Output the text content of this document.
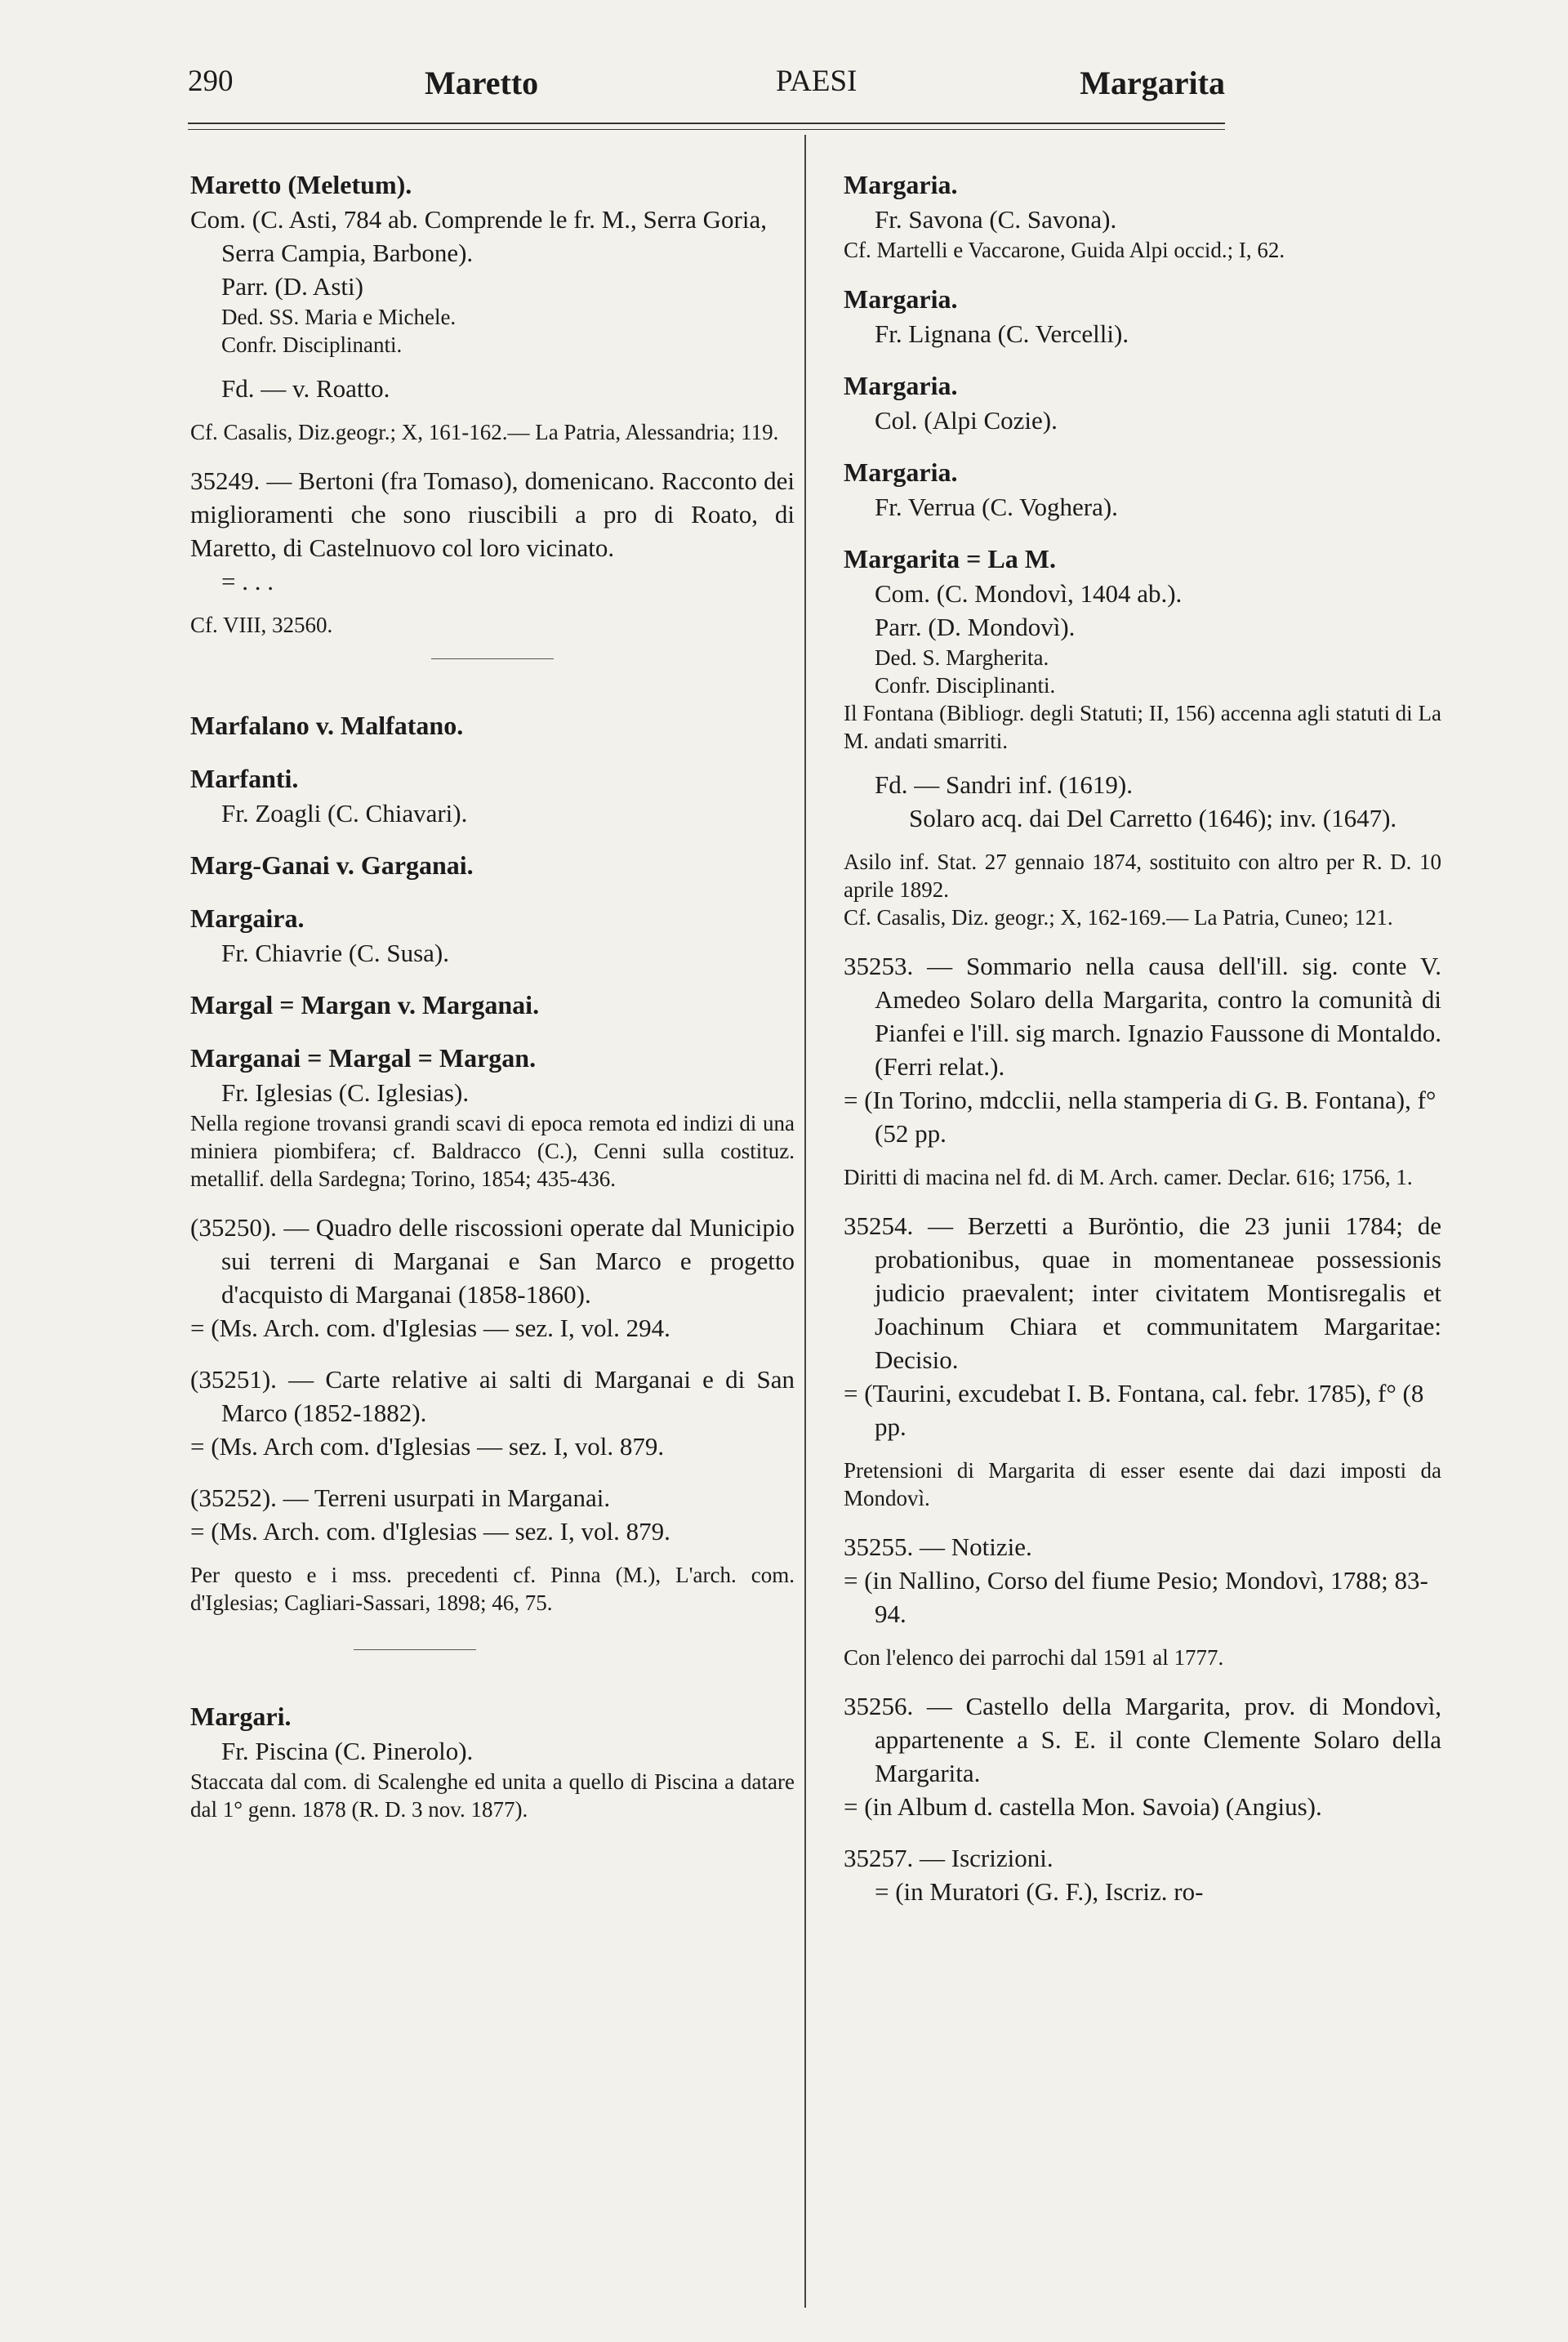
290	Maretto	PAESI	Margarita

Maretto (Meletum).

Com. (C. Asti, 784 ab. Comprende le fr. M., Serra Goria, Serra Campia, Barbone).

Parr. (D. Asti)

Ded. SS. Maria e Michele.

Confr. Disciplinanti.

Fd. — v. Roatto.

Cf. Casalis, Diz.geogr.; X, 161-162.— La Patria, Alessandria; 119.

35249. — Bertoni (fra Tomaso), domenicano. Racconto dei miglioramenti che sono riuscibili a pro di Roato, di Maretto, di Castelnuovo col loro vicinato.

= . . .

Cf. VIII, 32560.

Marfalano v. Malfatano.

Marfanti.

Fr. Zoagli (C. Chiavari).

Marg-Ganai v. Garganai.

Margaira.

Fr. Chiavrie (C. Susa).

Margal = Margan v. Marganai.

Marganai = Margal = Margan.

Fr. Iglesias (C. Iglesias).

Nella regione trovansi grandi scavi di epoca remota ed indizi di una miniera piombifera; cf. Baldracco (C.), Cenni sulla costituz. metallif. della Sardegna; Torino, 1854; 435-436.

(35250). — Quadro delle riscossioni operate dal Municipio sui terreni di Marganai e San Marco e progetto d'acquisto di Marganai (1858-1860).

= (Ms. Arch. com. d'Iglesias — sez. I, vol. 294.

(35251). — Carte relative ai salti di Marganai e di San Marco (1852-1882).

= (Ms. Arch com. d'Iglesias — sez. I, vol. 879.

(35252). — Terreni usurpati in Marganai.

= (Ms. Arch. com. d'Iglesias — sez. I, vol. 879.

Per questo e i mss. precedenti cf. Pinna (M.), L'arch. com. d'Iglesias; Cagliari-Sassari, 1898; 46, 75.

Margari.

Fr. Piscina (C. Pinerolo).

Staccata dal com. di Scalenghe ed unita a quello di Piscina a datare dal 1° genn. 1878 (R. D. 3 nov. 1877).

Margaria.

Fr. Savona (C. Savona).

Cf. Martelli e Vaccarone, Guida Alpi occid.; I, 62.

Margaria.

Fr. Lignana (C. Vercelli).

Margaria.

Col. (Alpi Cozie).

Margaria.

Fr. Verrua (C. Voghera).

Margarita = La M.

Com. (C. Mondovì, 1404 ab.).

Parr. (D. Mondovì).

Ded. S. Margherita.

Confr. Disciplinanti.

Il Fontana (Bibliogr. degli Statuti; II, 156) accenna agli statuti di La M. andati smarriti.

Fd. — Sandri inf. (1619).

Solaro acq. dai Del Carretto (1646); inv. (1647).

Asilo inf. Stat. 27 gennaio 1874, sostituito con altro per R. D. 10 aprile 1892.

Cf. Casalis, Diz. geogr.; X, 162-169.— La Patria, Cuneo; 121.

35253. — Sommario nella causa dell'ill. sig. conte V. Amedeo Solaro della Margarita, contro la comunità di Pianfei e l'ill. sig march. Ignazio Faussone di Montaldo. (Ferri relat.).

= (In Torino, mdcclii, nella stamperia di G. B. Fontana), f° (52 pp.

Diritti di macina nel fd. di M. Arch. camer. Declar. 616; 1756, 1.

35254. — Berzetti a Buröntio, die 23 junii 1784; de probationibus, quae in momentaneae possessionis judicio praevalent; inter civitatem Montisregalis et Joachinum Chiara et communitatem Margaritae: Decisio.

= (Taurini, excudebat I. B. Fontana, cal. febr. 1785), f° (8 pp.

Pretensioni di Margarita di esser esente dai dazi imposti da Mondovì.

35255. — Notizie.

= (in Nallino, Corso del fiume Pesio; Mondovì, 1788; 83-94.

Con l'elenco dei parrochi dal 1591 al 1777.

35256. — Castello della Margarita, prov. di Mondovì, appartenente a S. E. il conte Clemente Solaro della Margarita.

= (in Album d. castella Mon. Savoia) (Angius).

35257. — Iscrizioni.

= (in Muratori (G. F.), Iscriz. ro-
